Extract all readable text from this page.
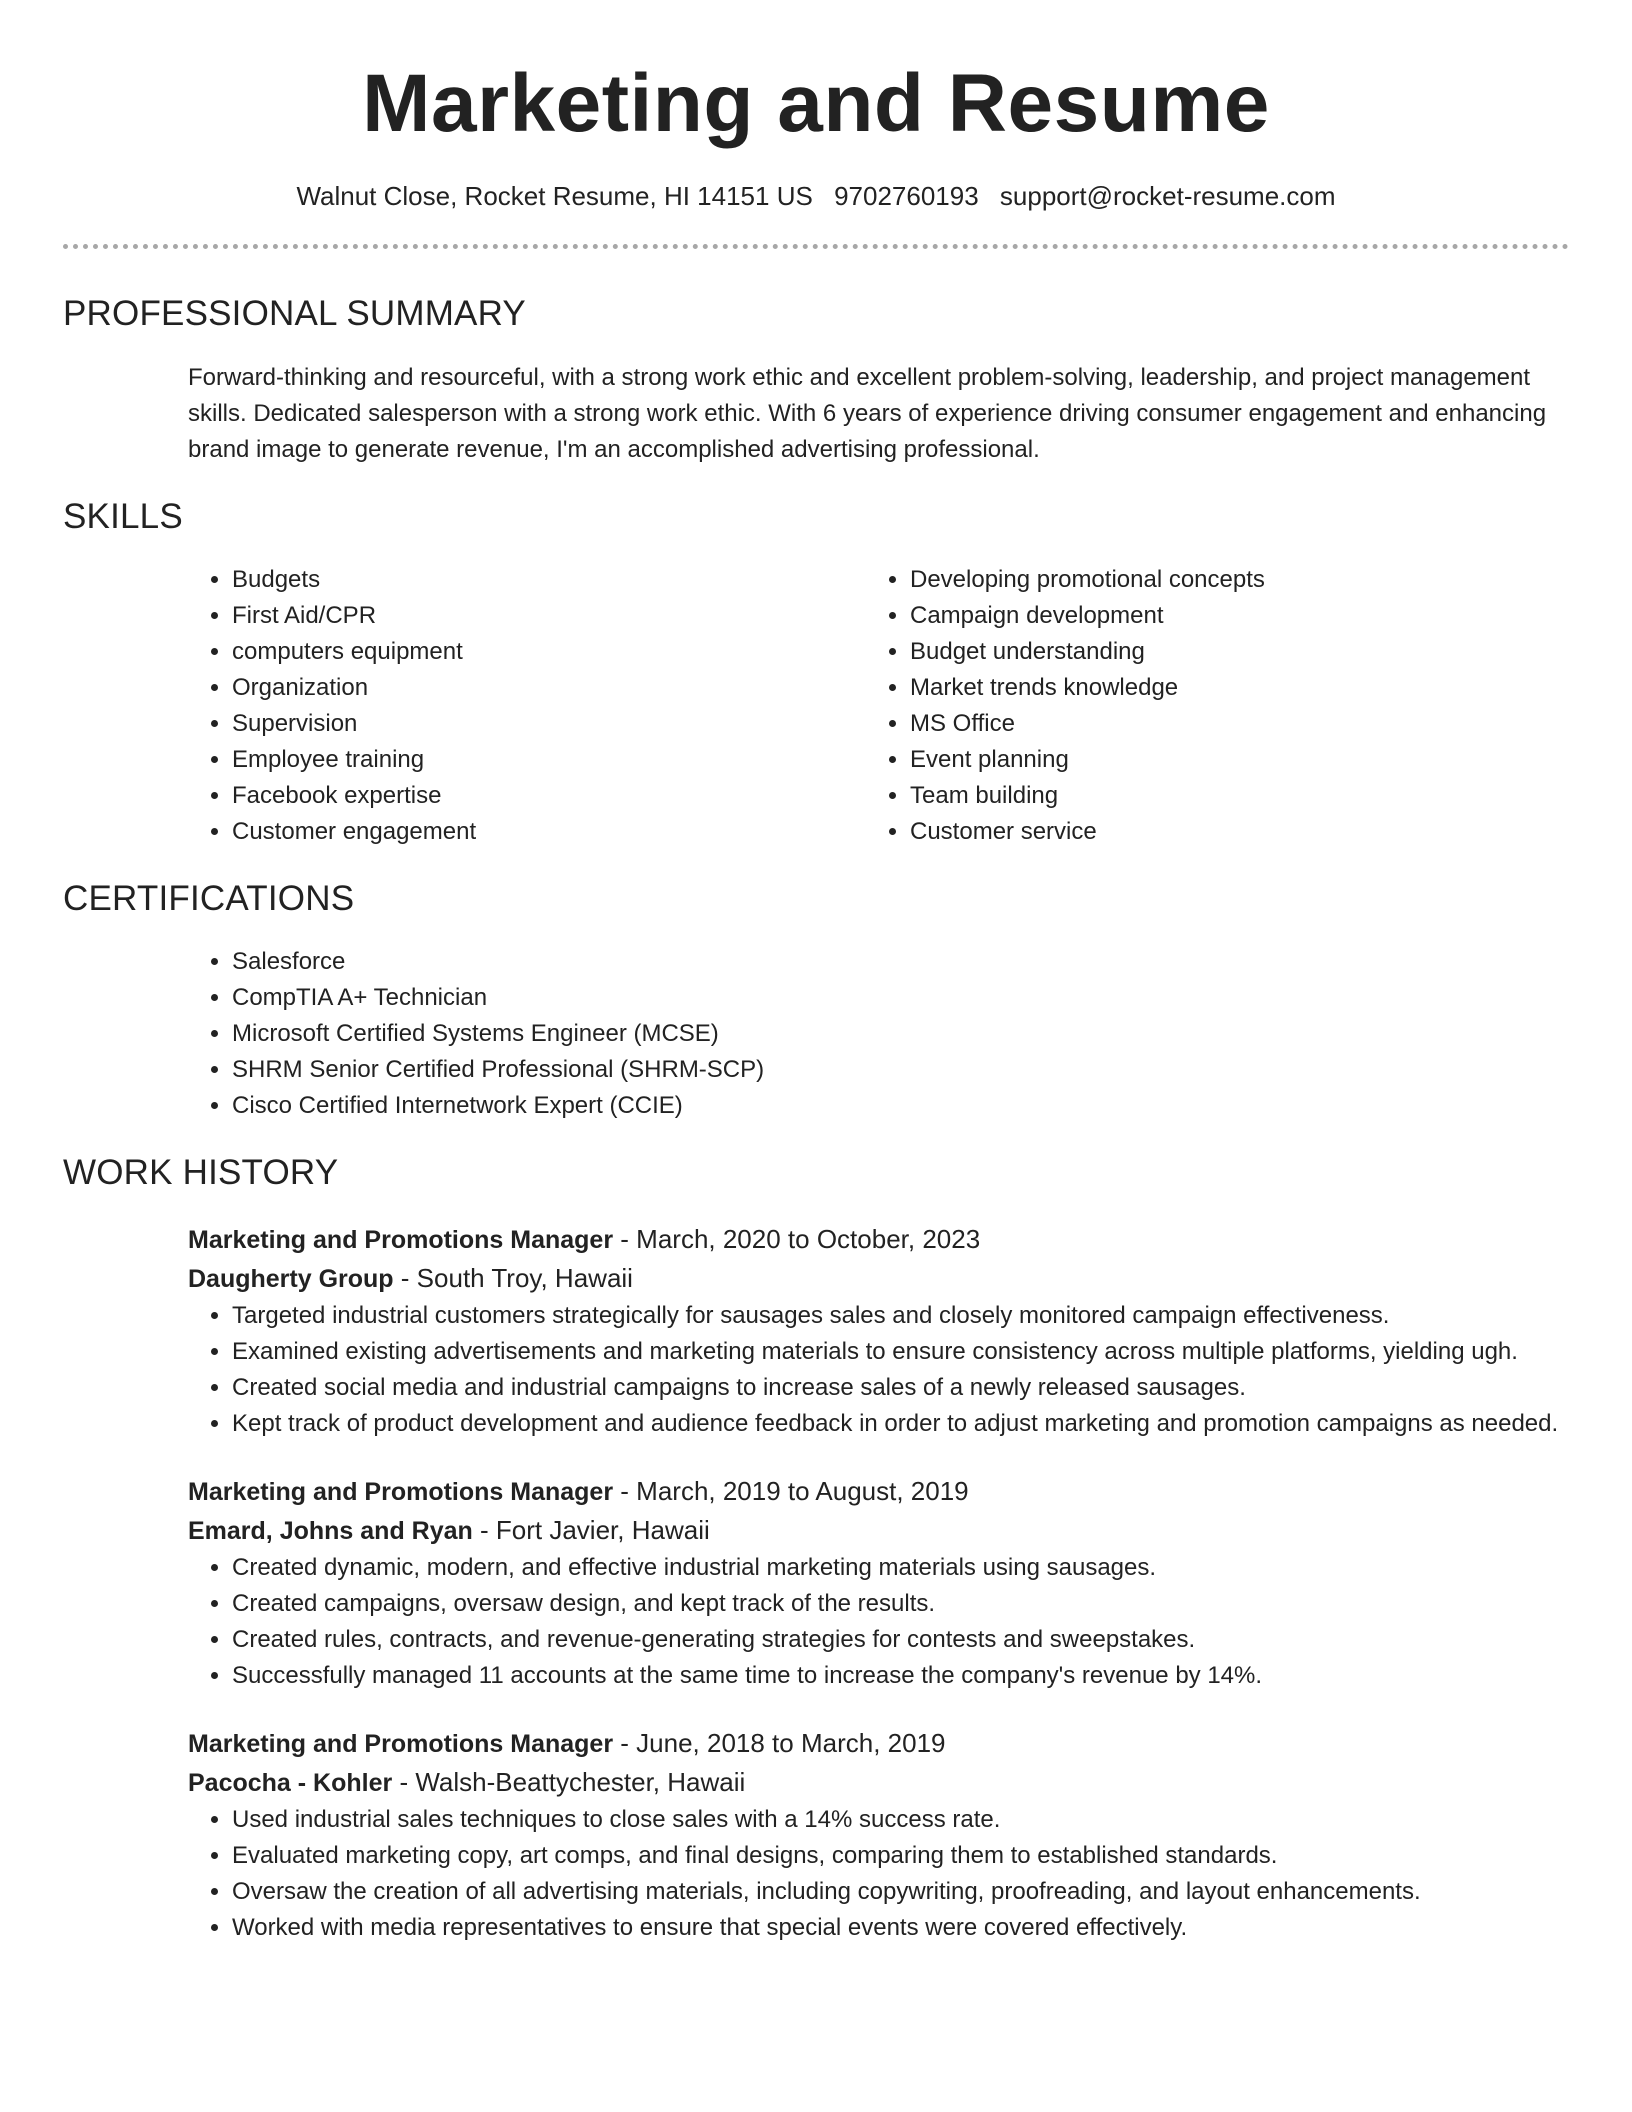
Marketing and Resume
Walnut Close, Rocket Resume, HI 14151 US 9702760193 support@rocket-resume.com
PROFESSIONAL SUMMARY

Forward-thinking and resourceful, with a strong work ethic and excellent problem-solving, leadership, and project management skills. Dedicated salesperson with a strong work ethic. With 6 years of experience driving consumer engagement and enhancing brand image to generate revenue, I'm an accomplished advertising professional.

SKILLS
• Budgets
• First Aid/CPR
• computers equipment
• Organization
• Supervision
• Employee training
• Facebook expertise
• Customer engagement
• Developing promotional concepts
• Campaign development
• Budget understanding
• Market trends knowledge
• MS Office
• Event planning
• Team building
• Customer service
CERTIFICATIONS
• Salesforce
• CompTIA A+ Technician
• Microsoft Certified Systems Engineer (MCSE)
• SHRM Senior Certified Professional (SHRM-SCP)
• Cisco Certified Internetwork Expert (CCIE)
WORK HISTORY
Marketing and Promotions Manager - March, 2020 to October, 2023
Daugherty Group - South Troy, Hawaii
• Targeted industrial customers strategically for sausages sales and closely monitored campaign effectiveness.
• Examined existing advertisements and marketing materials to ensure consistency across multiple platforms, yielding ugh.
• Created social media and industrial campaigns to increase sales of a newly released sausages.
• Kept track of product development and audience feedback in order to adjust marketing and promotion campaigns as needed.
Marketing and Promotions Manager - March, 2019 to August, 2019
Emard, Johns and Ryan - Fort Javier, Hawaii
• Created dynamic, modern, and effective industrial marketing materials using sausages.
• Created campaigns, oversaw design, and kept track of the results.
• Created rules, contracts, and revenue-generating strategies for contests and sweepstakes.
• Successfully managed 11 accounts at the same time to increase the company's revenue by 14%.
Marketing and Promotions Manager - June, 2018 to March, 2019
Pacocha - Kohler - Walsh-Beattychester, Hawaii
• Used industrial sales techniques to close sales with a 14% success rate.
• Evaluated marketing copy, art comps, and final designs, comparing them to established standards.
• Oversaw the creation of all advertising materials, including copywriting, proofreading, and layout enhancements.
• Worked with media representatives to ensure that special events were covered effectively.
